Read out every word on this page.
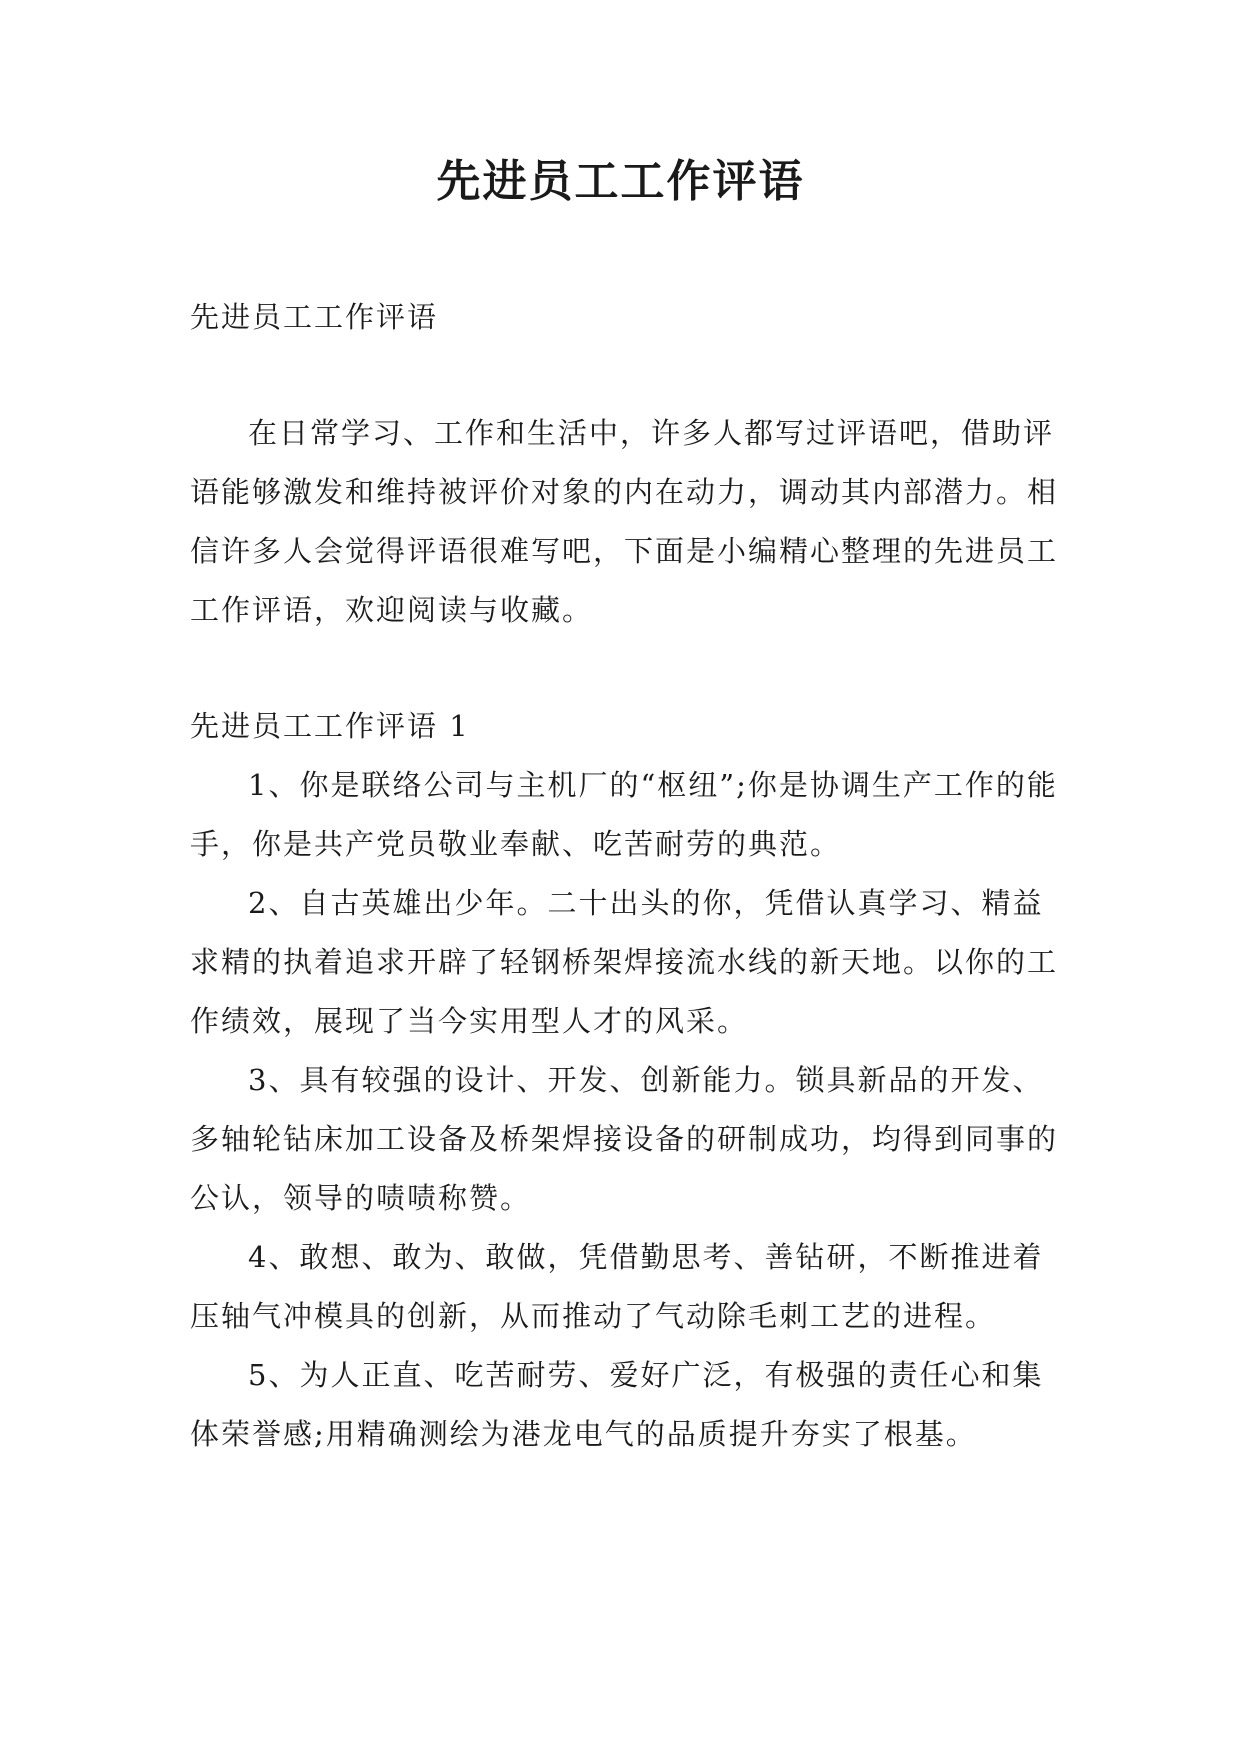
先进员工工作评语

先进员工工作评语

在日常学习、工作和生活中，许多人都写过评语吧，借助评语能够激发和维持被评价对象的内在动力，调动其内部潜力。相信许多人会觉得评语很难写吧，下面是小编精心整理的先进员工工作评语，欢迎阅读与收藏。

先进员工工作评语 1

1、你是联络公司与主机厂的“枢纽”;你是协调生产工作的能手，你是共产党员敬业奉献、吃苦耐劳的典范。

2、自古英雄出少年。二十出头的你，凭借认真学习、精益求精的执着追求开辟了轻钢桥架焊接流水线的新天地。以你的工作绩效，展现了当今实用型人才的风采。

3、具有较强的设计、开发、创新能力。锁具新品的开发、多轴轮钻床加工设备及桥架焊接设备的研制成功，均得到同事的公认，领导的啧啧称赞。

4、敢想、敢为、敢做，凭借勤思考、善钻研，不断推进着压轴气冲模具的创新，从而推动了气动除毛刺工艺的进程。

5、为人正直、吃苦耐劳、爱好广泛，有极强的责任心和集体荣誉感;用精确测绘为港龙电气的品质提升夯实了根基。
